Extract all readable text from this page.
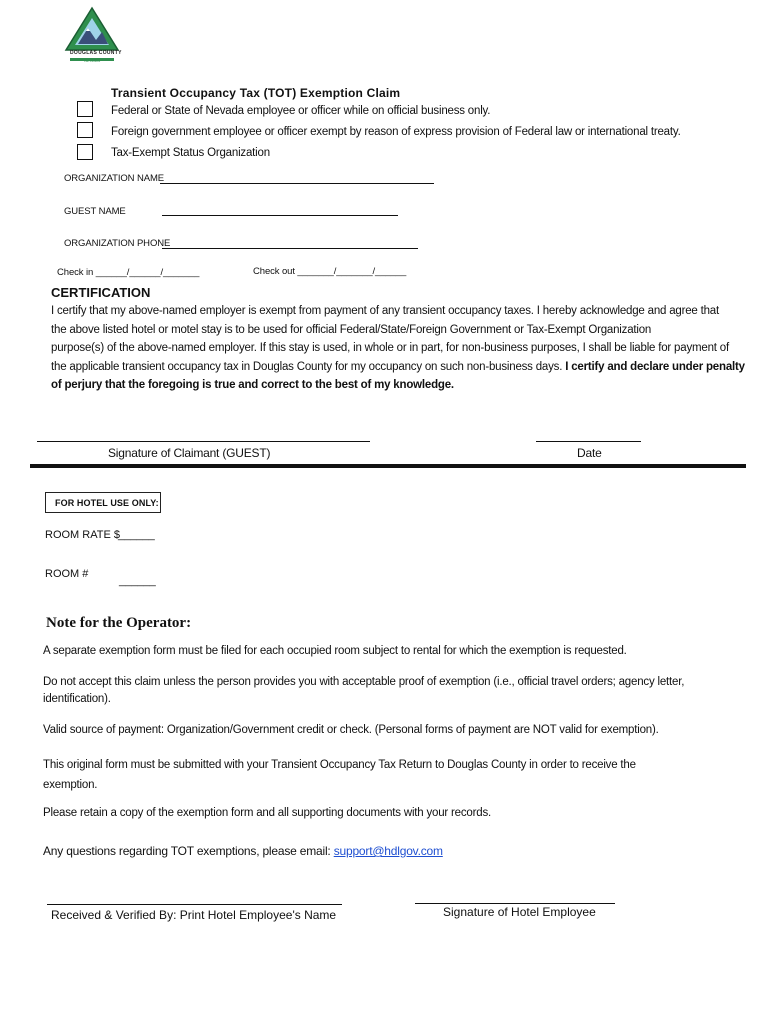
DOUGLAS COUNTY
NEVADA
Transient Occupancy Tax (TOT) Exemption Claim
Federal or State of Nevada employee or officer while on official business only.
Foreign government employee or officer exempt by reason of express provision of Federal law or international treaty.
Tax-Exempt Status Organization
ORGANIZATION NAME
GUEST NAME
ORGANIZATION PHONE
Check in ______/______/_______	Check out _______/_______/______
CERTIFICATION
I certify that my above-named employer is exempt from payment of any transient occupancy taxes. I hereby acknowledge and agree that
the above listed hotel or motel stay is to be used for official Federal/State/Foreign Government or Tax-Exempt Organization
purpose(s) of the above-named employer. If this stay is used, in whole or in part, for non-business purposes, I shall be liable for payment of
the applicable transient occupancy tax in Douglas County for my occupancy on such non-business days. I certify and declare under penalty
of perjury that the foregoing is true and correct to the best of my knowledge.
Signature of Claimant (GUEST)	Date
FOR HOTEL USE ONLY:
ROOM RATE $
______
ROOM #
______
Note for the Operator:
A separate exemption form must be filed for each occupied room subject to rental for which the exemption is requested.
Do not accept this claim unless the person provides you with acceptable proof of exemption (i.e., official travel orders; agency letter,
identification).
Valid source of payment: Organization/Government credit or check. (Personal forms of payment are NOT valid for exemption).
This original form must be submitted with your Transient Occupancy Tax Return to Douglas County in order to receive the
exemption.
Please retain a copy of the exemption form and all supporting documents with your records.
Any questions regarding TOT exemptions, please email: support@hdlgov.com
Received & Verified By: Print Hotel Employee's Name	Signature of Hotel Employee
